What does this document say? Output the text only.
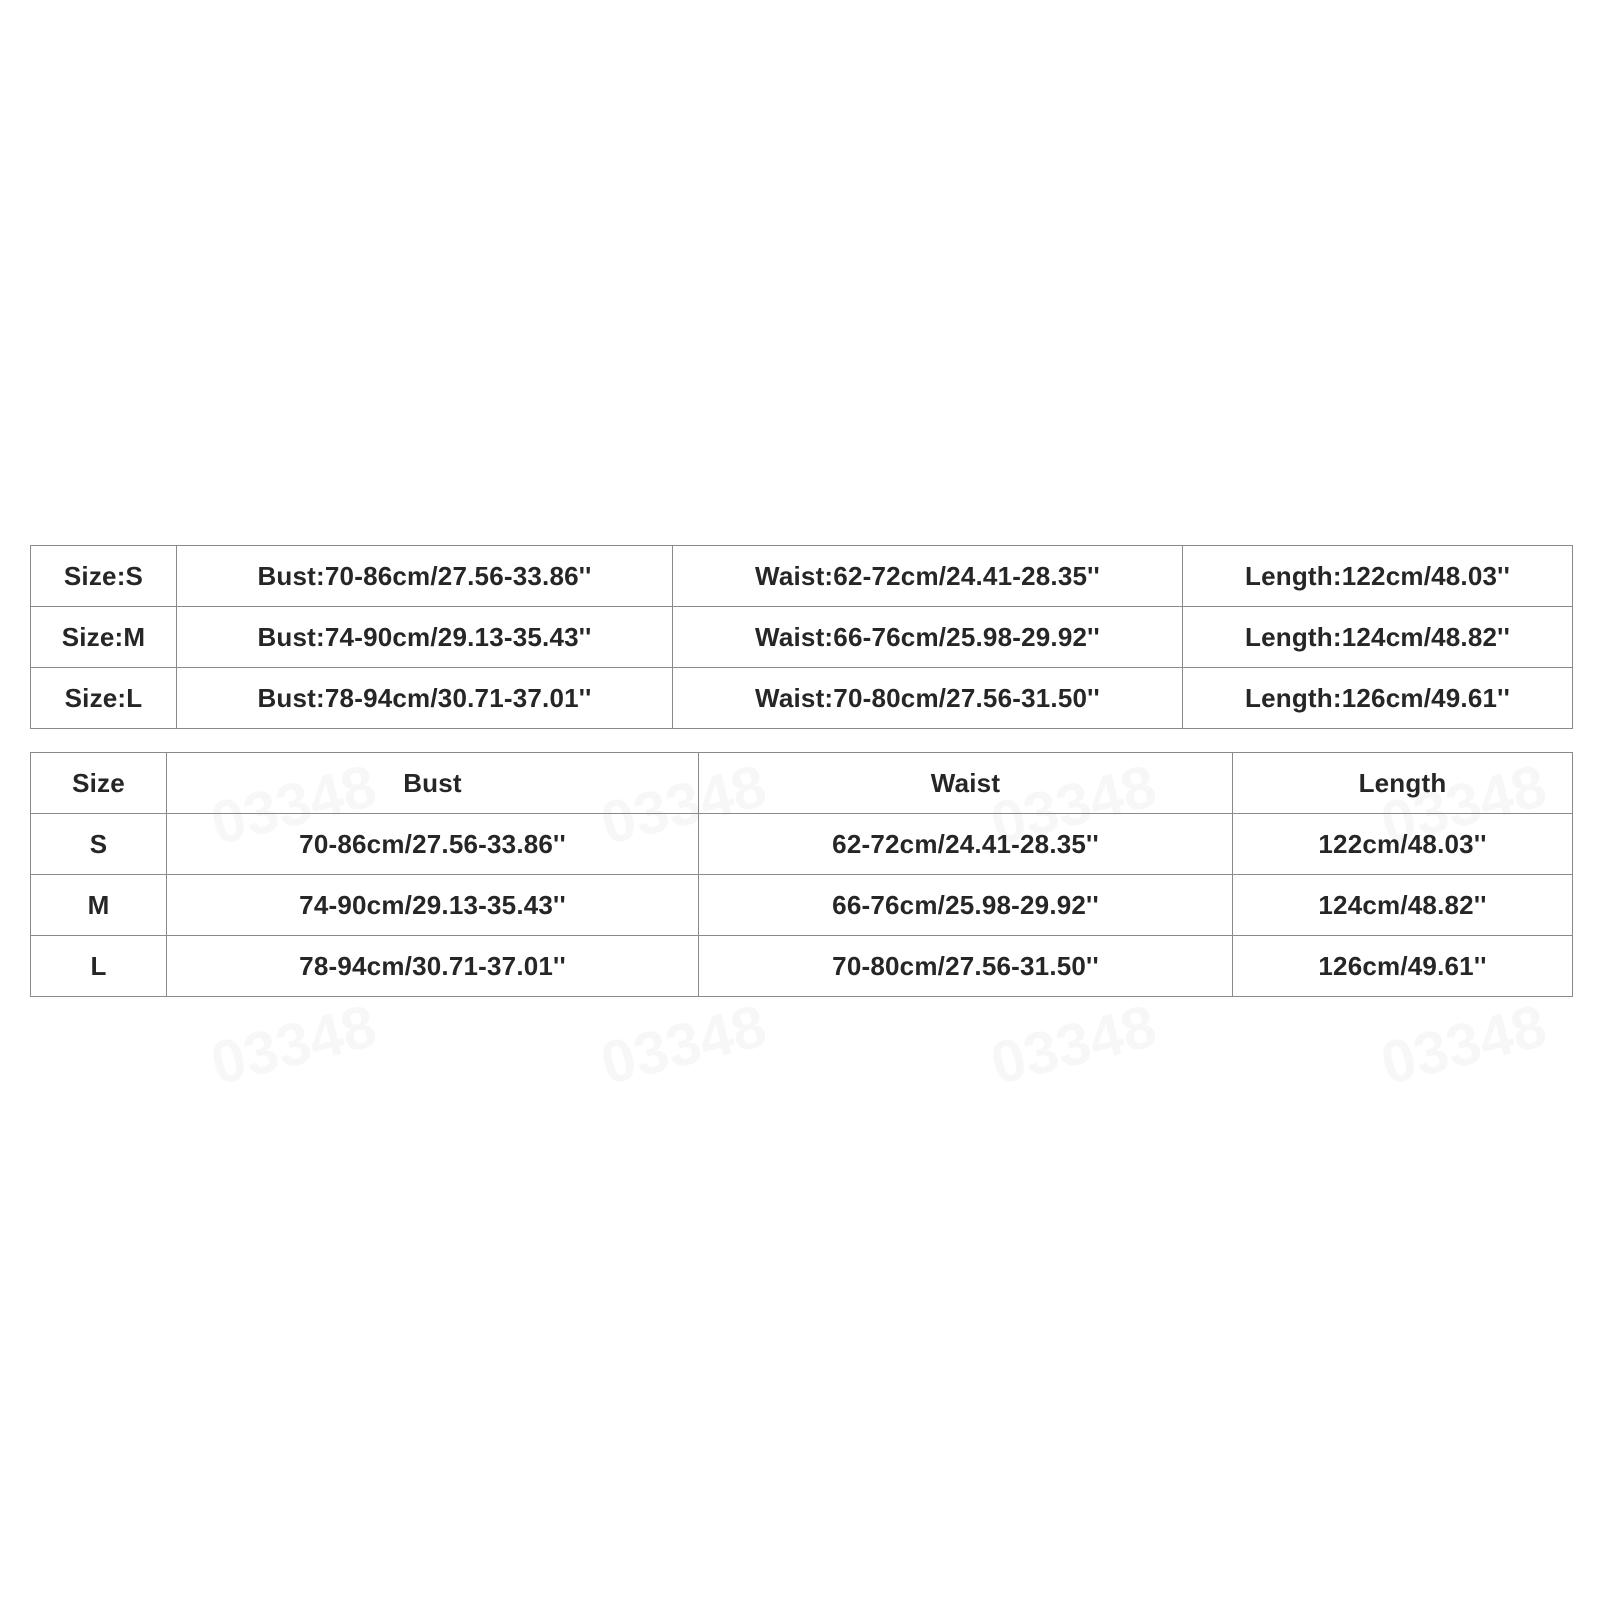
Size:S	Bust:70-86cm/27.56-33.86''	Waist:62-72cm/24.41-28.35''	Length:122cm/48.03''
Size:M	Bust:74-90cm/29.13-35.43''	Waist:66-76cm/25.98-29.92''	Length:124cm/48.82''
Size:L	Bust:78-94cm/30.71-37.01''	Waist:70-80cm/27.56-31.50''	Length:126cm/49.61''
Size	Bust	Waist	Length
S	70-86cm/27.56-33.86''	62-72cm/24.41-28.35''	122cm/48.03''
M	74-90cm/29.13-35.43''	66-76cm/25.98-29.92''	124cm/48.82''
L	78-94cm/30.71-37.01''	70-80cm/27.56-31.50''	126cm/49.61''
